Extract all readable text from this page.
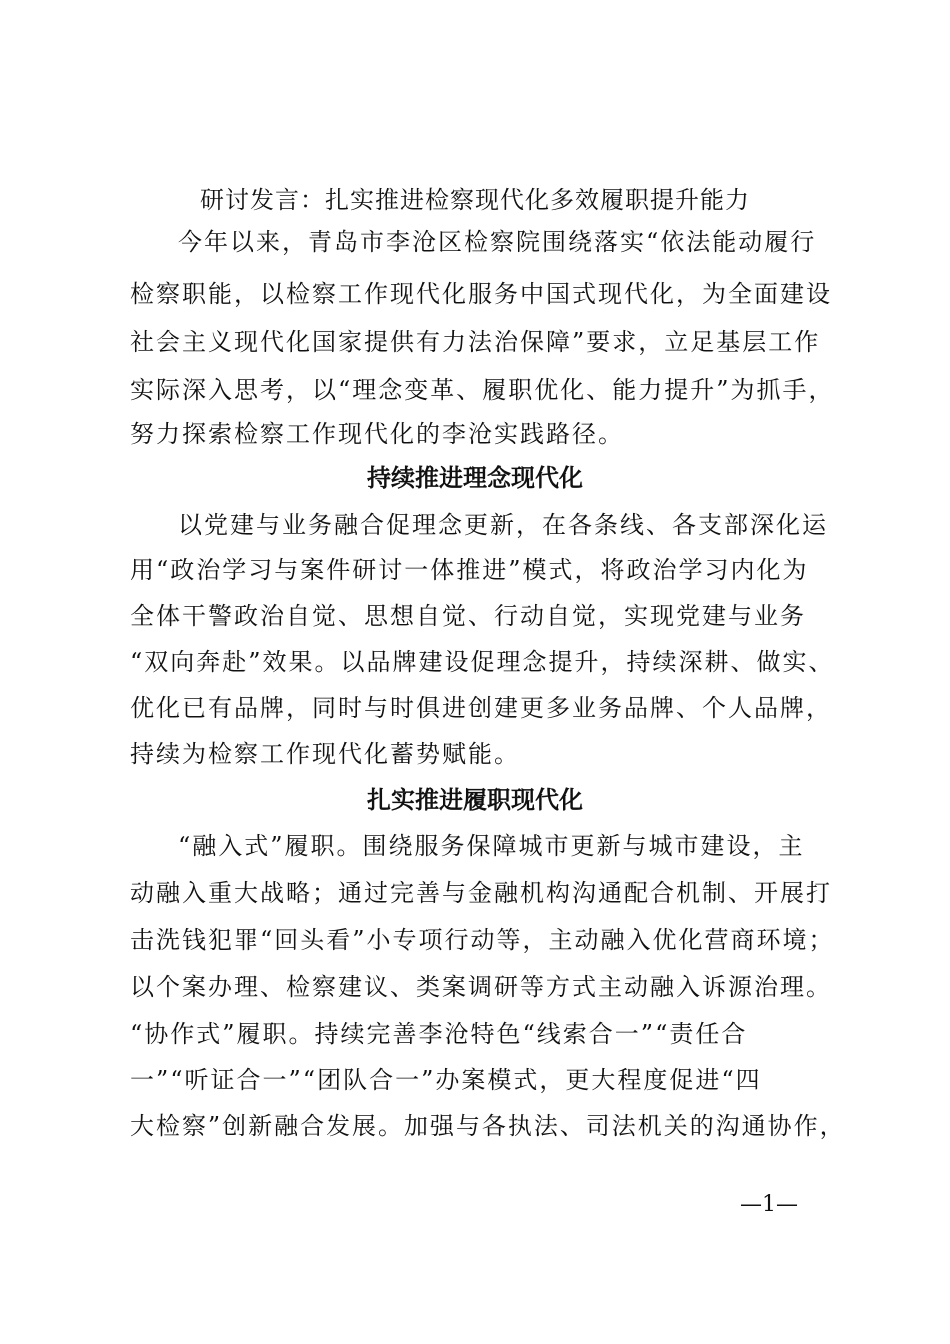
研讨发言：扎实推进检察现代化多效履职提升能力
今年以来，青岛市李沧区检察院围绕落实“依法能动履行
检察职能，以检察工作现代化服务中国式现代化，为全面建设
社会主义现代化国家提供有力法治保障”要求，立足基层工作
实际深入思考，以“理念变革、履职优化、能力提升”为抓手，
努力探索检察工作现代化的李沧实践路径。
持续推进理念现代化
以党建与业务融合促理念更新，在各条线、各支部深化运
用“政治学习与案件研讨一体推进”模式，将政治学习内化为
全体干警政治自觉、思想自觉、行动自觉，实现党建与业务
“双向奔赴”效果。以品牌建设促理念提升，持续深耕、做实、
优化已有品牌，同时与时俱进创建更多业务品牌、个人品牌，
持续为检察工作现代化蓄势赋能。
扎实推进履职现代化
“融入式”履职。围绕服务保障城市更新与城市建设，主
动融入重大战略；通过完善与金融机构沟通配合机制、开展打
击洗钱犯罪“回头看”小专项行动等，主动融入优化营商环境；
以个案办理、检察建议、类案调研等方式主动融入诉源治理。
“协作式”履职。持续完善李沧特色“线索合一”“责任合
一”“听证合一”“团队合一”办案模式，更大程度促进“四
大检察”创新融合发展。加强与各执法、司法机关的沟通协作，
—1—
